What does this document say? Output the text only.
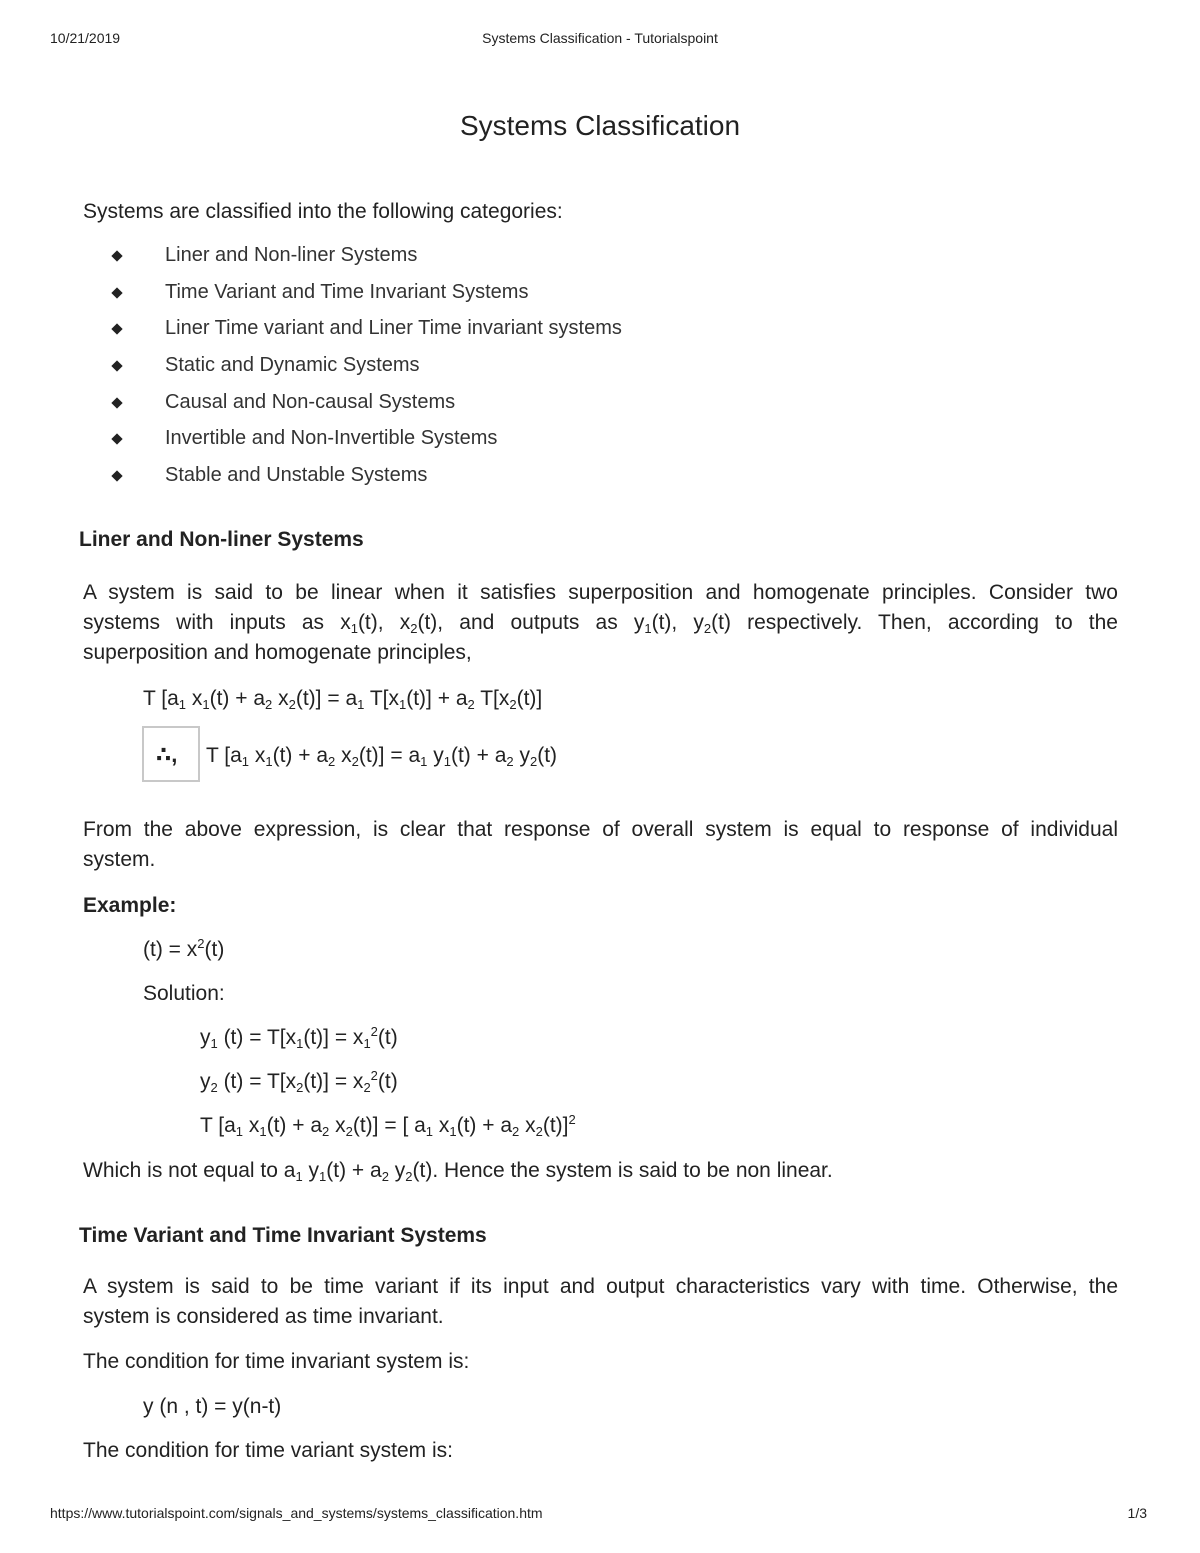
10/21/2019	Systems Classification - Tutorialspoint
Systems Classification
Systems are classified into the following categories:
Liner and Non-liner Systems
Time Variant and Time Invariant Systems
Liner Time variant and Liner Time invariant systems
Static and Dynamic Systems
Causal and Non-causal Systems
Invertible and Non-Invertible Systems
Stable and Unstable Systems
Liner and Non-liner Systems
A system is said to be linear when it satisfies superposition and homogenate principles. Consider two
systems with inputs as $x_1(t)$, $x_2(t)$, and outputs as $y_1(t)$, $y_2(t)$ respectively. Then, according to the
superposition and homogenate principles,
T [$a_1$ $x_1(t) + a_2$ $x_2(t)] = a_1$ $T[x_1(t)] + a_2$ $T[x_2(t)]$
∴, T [$a_1$ $x_1(t) + a_2$ $x_2(t)] = a_1$ $y_1(t) + a_2$ $y_2(t)$
From the above expression, is clear that response of overall system is equal to response of individual
system.
Example:
$(t) = x^2(t)$
Solution:
$y_1$ $(t) = T[x_1(t)] = x_1^2(t)$
$y_2$ $(t) = T[x_2(t)] = x_2^2(t)$
T [$a_1$ $x_1(t) + a_2$ $x_2(t)$] = [ $a_1$ $x_1(t) + a_2$ $x_2(t)]^2$
Which is not equal to $a_1$ $y_1(t) + a_2$ $y_2(t)$. Hence the system is said to be non linear.
Time Variant and Time Invariant Systems
A system is said to be time variant if its input and output characteristics vary with time. Otherwise, the
system is considered as time invariant.
The condition for time invariant system is:
y (n , t) = y(n-t)
The condition for time variant system is:
https://www.tutorialspoint.com/signals_and_systems/systems_classification.htm	1/3
